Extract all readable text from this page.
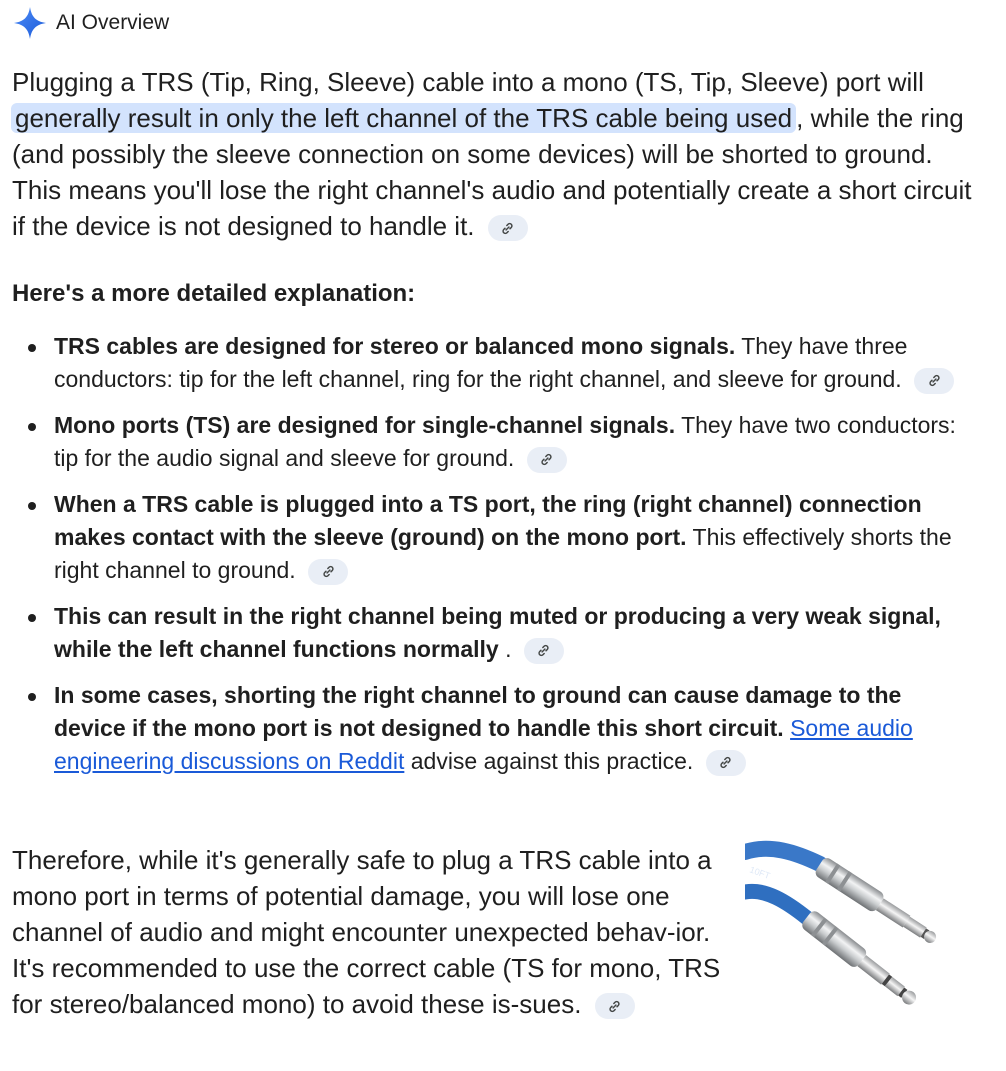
AI Overview
Plugging a TRS (Tip, Ring, Sleeve) cable into a mono (TS, Tip, Sleeve) port will generally result in only the left channel of the TRS cable being used , while the ring (and possibly the sleeve connection on some devices) will be shorted to ground. This means you'll lose the right channel's audio and potentially create a short circuit if the device is not designed to handle it.
Here's a more detailed explanation:
TRS cables are designed for stereo or balanced mono signals. They have three conductors: tip for the left channel, ring for the right channel, and sleeve for ground.
Mono ports (TS) are designed for single-channel signals. They have two conductors: tip for the audio signal and sleeve for ground.
When a TRS cable is plugged into a TS port, the ring (right channel) connection makes contact with the sleeve (ground) on the mono port. This effectively shorts the right channel to ground.
This can result in the right channel being muted or producing a very weak signal, while the left channel functions normally .
In some cases, shorting the right channel to ground can cause damage to the device if the mono port is not designed to handle this short circuit. Some audio engineering discussions on Reddit advise against this practice.
Therefore, while it's generally safe to plug a TRS cable into a mono port in terms of potential damage, you will lose one channel of audio and might encounter unexpected behav-ior. It's recommended to use the correct cable (TS for mono, TRS for stereo/balanced mono) to avoid these is-sues.
10FT
